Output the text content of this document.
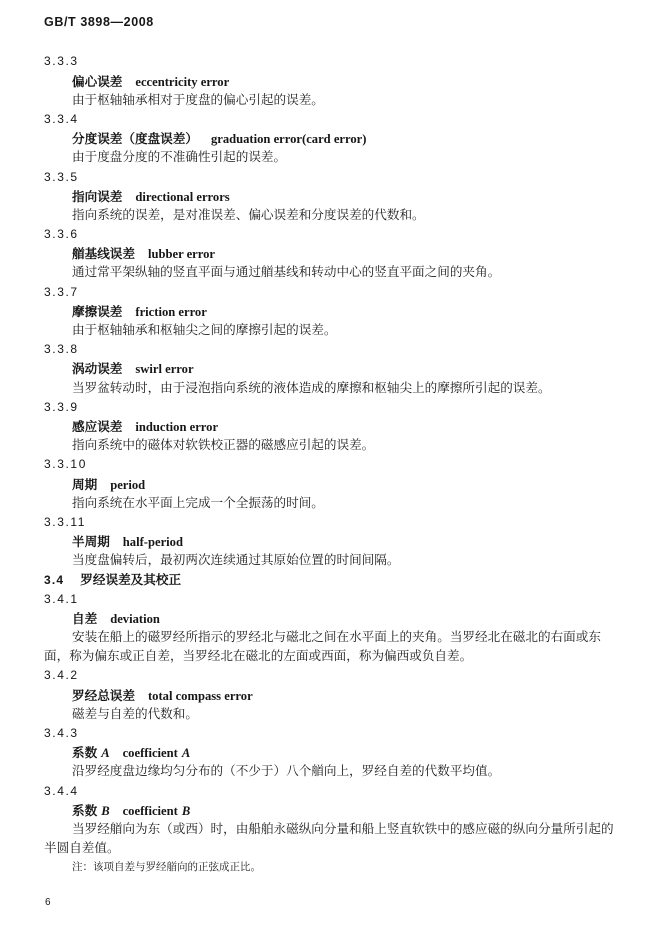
GB/T 3898—2008
3.3.3
偏心误差 eccentricity error
由于枢轴轴承相对于度盘的偏心引起的误差。
3.3.4
分度误差（度盘误差） graduation error(card error)
由于度盘分度的不准确性引起的误差。
3.3.5
指向误差 directional errors
指向系统的误差，是对准误差、偏心误差和分度误差的代数和。
3.3.6
艏基线误差 lubber error
通过常平架纵轴的竖直平面与通过艏基线和转动中心的竖直平面之间的夹角。
3.3.7
摩擦误差 friction error
由于枢轴轴承和枢轴尖之间的摩擦引起的误差。
3.3.8
涡动误差 swirl error
当罗盆转动时，由于浸泡指向系统的液体造成的摩擦和枢轴尖上的摩擦所引起的误差。
3.3.9
感应误差 induction error
指向系统中的磁体对软铁校正器的磁感应引起的误差。
3.3.10
周期 period
指向系统在水平面上完成一个全振荡的时间。
3.3.11
半周期 half-period
当度盘偏转后，最初两次连续通过其原始位置的时间间隔。
3.4 罗经误差及其校正
3.4.1
自差 deviation
安装在船上的磁罗经所指示的罗经北与磁北之间在水平面上的夹角。当罗经北在磁北的右面或东
面，称为偏东或正自差，当罗经北在磁北的左面或西面，称为偏西或负自差。
3.4.2
罗经总误差 total compass error
磁差与自差的代数和。
3.4.3
系数 A coefficient A
沿罗经度盘边缘均匀分布的（不少于）八个艏向上，罗经自差的代数平均值。
3.4.4
系数 B coefficient B
当罗经艏向为东（或西）时，由船舶永磁纵向分量和船上竖直软铁中的感应磁的纵向分量所引起的
半圆自差值。
注：该项自差与罗经艏向的正弦成正比。
6
